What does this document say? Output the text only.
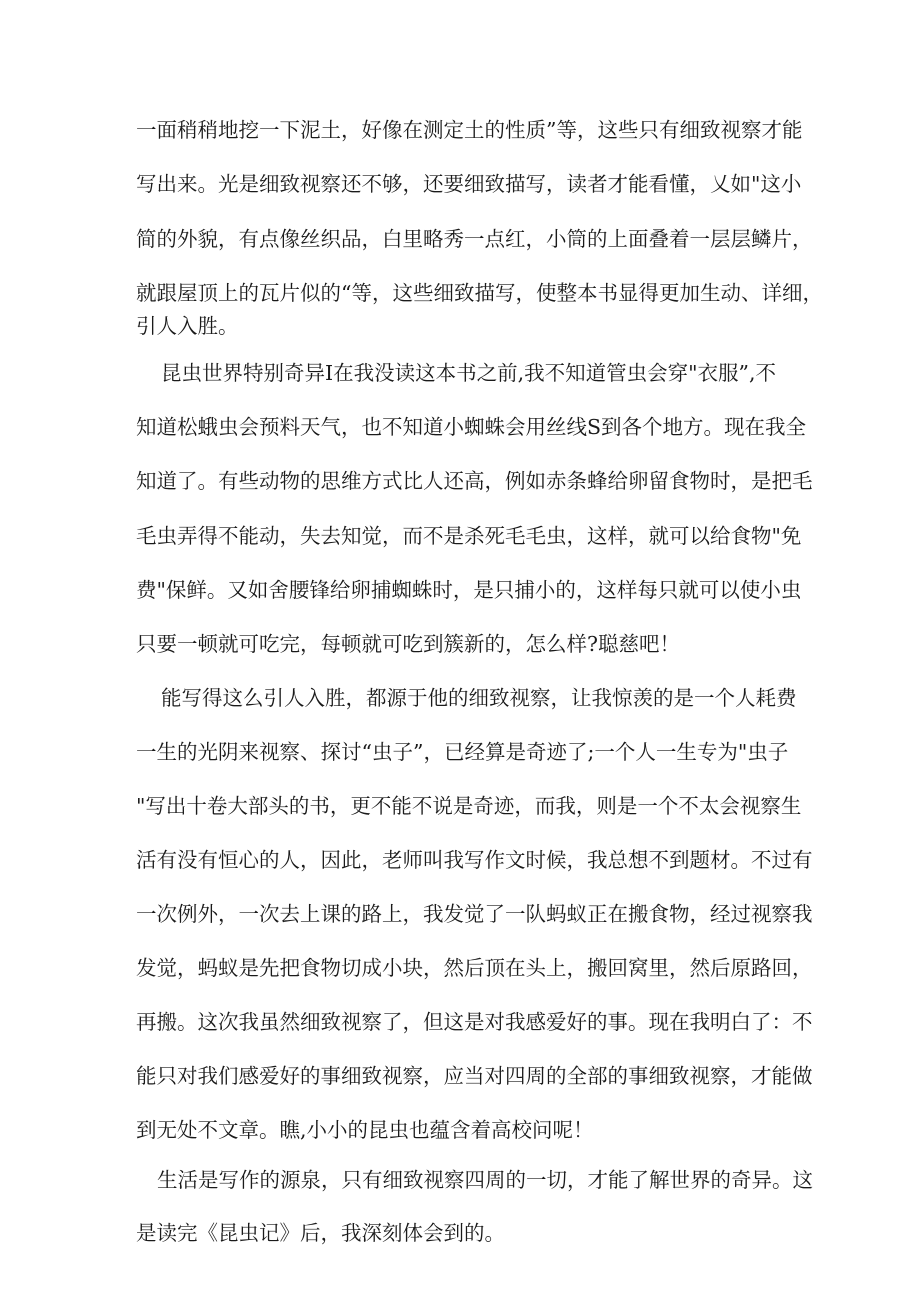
一面稍稍地挖一下泥土，好像在测定土的性质”等，这些只有细致视察才能

写出来。光是细致视察还不够，还要细致描写，读者才能看懂，乂如"这小

简的外貌，有点像丝织品，白里略秀一点红，小筒的上面叠着一层层鳞片，

就跟屋顶上的瓦片似的“等，这些细致描写，使整本书显得更加生动、详细，

引人入胜。

昆虫世界特别奇异I在我没读这本书之前,我不知道管虫会穿"衣服”,不

知道松蛾虫会预料天气，也不知道小蜘蛛会用丝线S到各个地方。现在我全

知道了。有些动物的思维方式比人还高，例如赤条蜂给卵留食物时，是把毛

毛虫弄得不能动，失去知觉，而不是杀死毛毛虫，这样，就可以给食物"免

费"保鲜。又如舍腰锋给卵捕蜘蛛时，是只捕小的，这样每只就可以使小虫

只要一顿就可吃完，每顿就可吃到簇新的，怎么样?聪慈吧！

能写得这么引人入胜，都源于他的细致视察，让我惊羡的是一个人耗费

一生的光阴来视察、探讨“虫子”，已经算是奇迹了;一个人一生专为"虫子

"写出十卷大部头的书，更不能不说是奇迹，而我，则是一个不太会视察生

活有没有恒心的人，因此，老师叫我写作文时候，我总想不到题材。不过有

一次例外，一次去上课的路上，我发觉了一队蚂蚁正在搬食物，经过视察我

发觉，蚂蚁是先把食物切成小块，然后顶在头上，搬回窝里，然后原路回，

再搬。这次我虽然细致视察了，但这是对我感爱好的事。现在我明白了：不

能只对我们感爱好的事细致视察，应当对四周的全部的事细致视察，才能做

到无处不文章。瞧,小小的昆虫也蕴含着高校问呢！

生活是写作的源泉，只有细致视察四周的一切，才能了解世界的奇异。这

是读完《昆虫记》后，我深刻体会到的。
